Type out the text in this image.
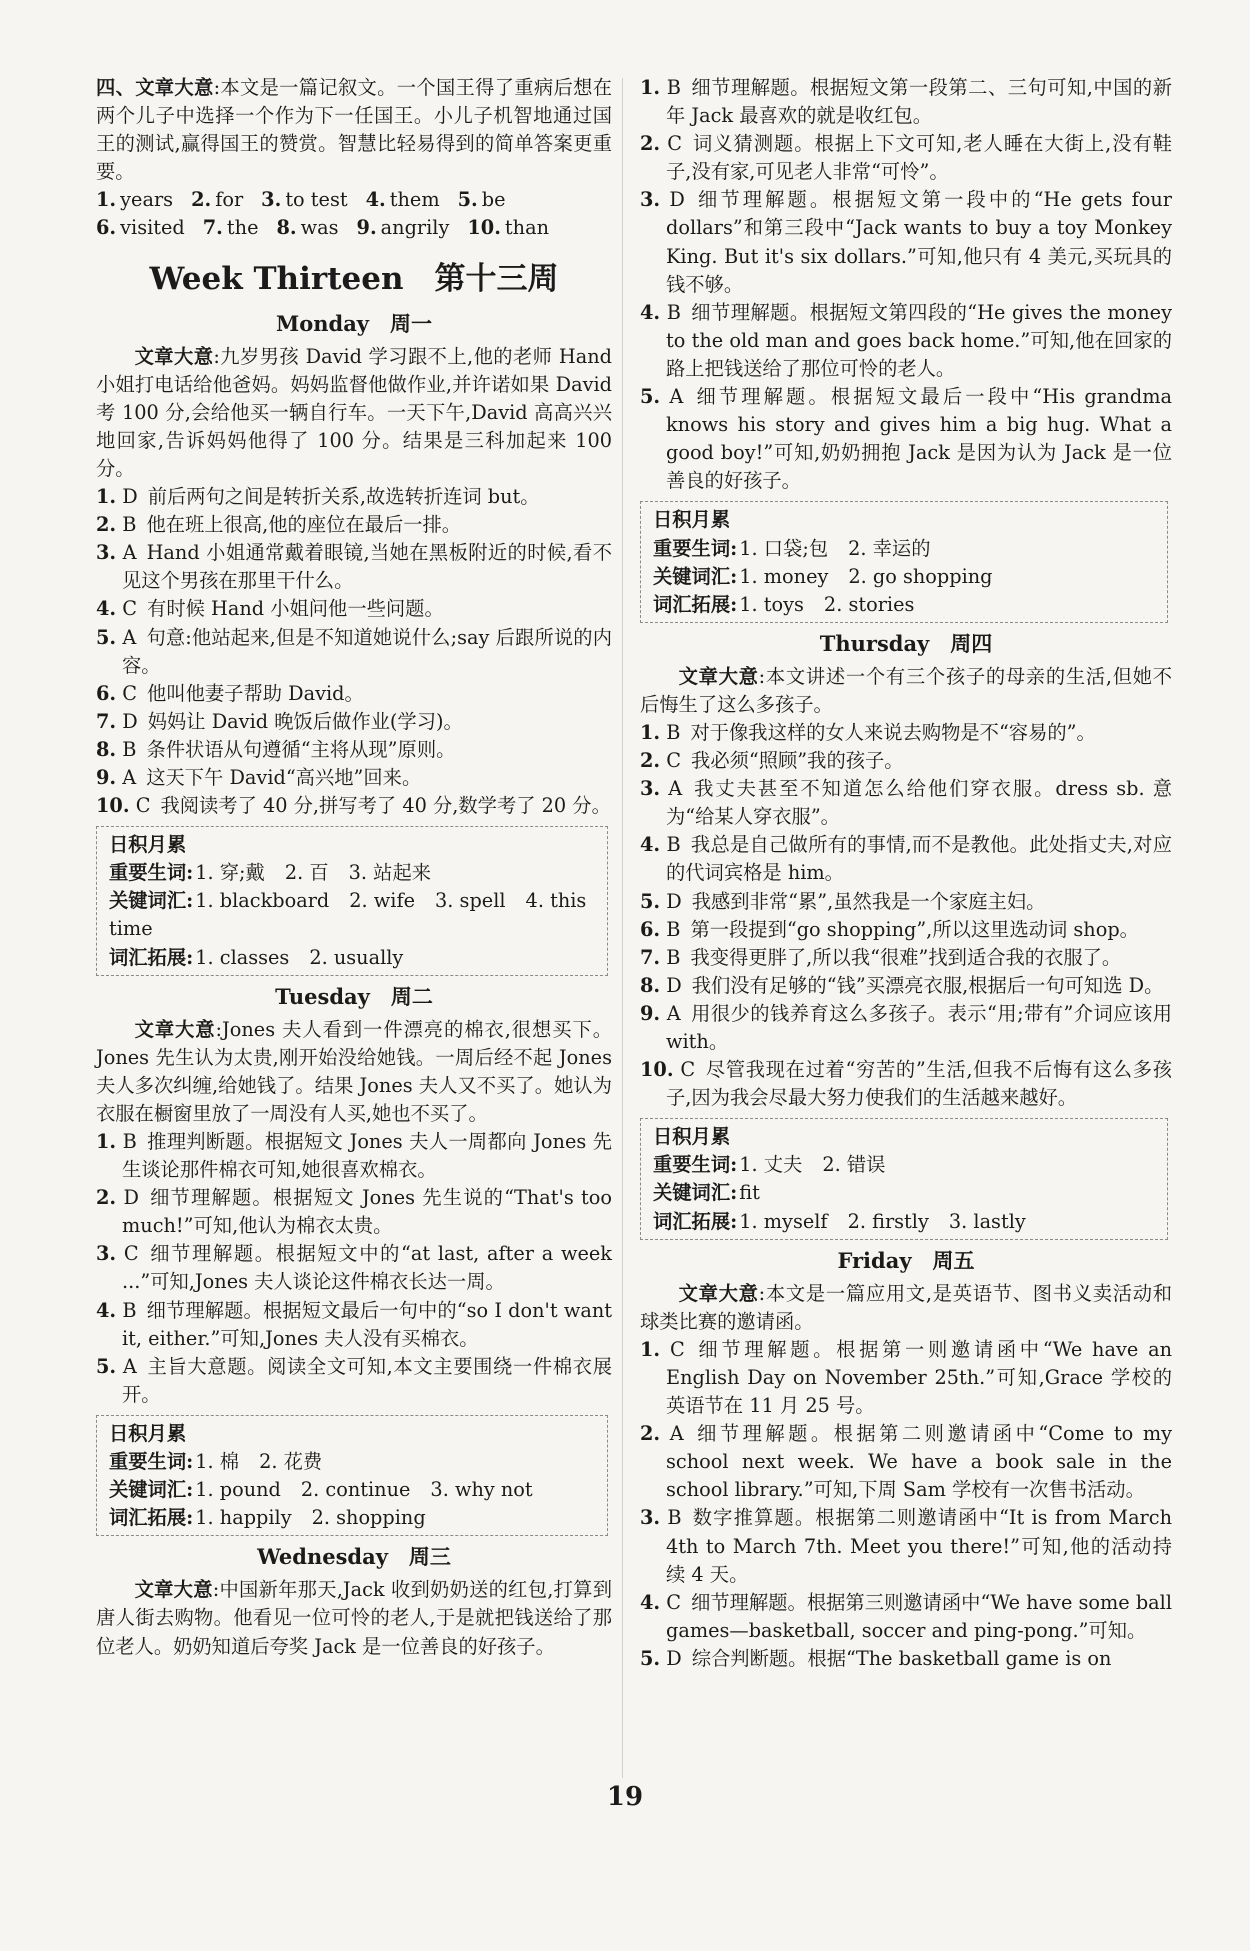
四、文章大意:本文是一篇记叙文。一个国王得了重病后想在两个儿子中选择一个作为下一任国王。小儿子机智地通过国王的测试,赢得国王的赞赏。智慧比轻易得到的简单答案更重要。

1. years 2. for 3. to test 4. them 5. be
6. visited 7. the 8. was 9. angrily 10. than
Week Thirteen　第十三周
Monday　周一

文章大意:九岁男孩 David 学习跟不上,他的老师 Hand 小姐打电话给他爸妈。妈妈监督他做作业,并许诺如果 David 考 100 分,会给他买一辆自行车。一天下午,David 高高兴兴地回家,告诉妈妈他得了 100 分。结果是三科加起来 100 分。

1. D 前后两句之间是转折关系,故选转折连词 but。

2. B 他在班上很高,他的座位在最后一排。

3. A Hand 小姐通常戴着眼镜,当她在黑板附近的时候,看不见这个男孩在那里干什么。

4. C 有时候 Hand 小姐问他一些问题。

5. A 句意:他站起来,但是不知道她说什么;say 后跟所说的内容。

6. C 他叫他妻子帮助 David。

7. D 妈妈让 David 晚饭后做作业(学习)。

8. B 条件状语从句遵循“主将从现”原则。

9. A 这天下午 David“高兴地”回来。

10. C 我阅读考了 40 分,拼写考了 40 分,数学考了 20 分。

日积月累
重要生词: 1. 穿;戴 2. 百 3. 站起来
关键词汇: 1. blackboard 2. wife 3. spell 4. this time
词汇拓展: 1. classes 2. usually
Tuesday　周二

文章大意:Jones 夫人看到一件漂亮的棉衣,很想买下。Jones 先生认为太贵,刚开始没给她钱。一周后经不起 Jones 夫人多次纠缠,给她钱了。结果 Jones 夫人又不买了。她认为衣服在橱窗里放了一周没有人买,她也不买了。

1. B 推理判断题。根据短文 Jones 夫人一周都向 Jones 先生谈论那件棉衣可知,她很喜欢棉衣。

2. D 细节理解题。根据短文 Jones 先生说的“That's too much!”可知,他认为棉衣太贵。

3. C 细节理解题。根据短文中的“at last, after a week ...”可知,Jones 夫人谈论这件棉衣长达一周。

4. B 细节理解题。根据短文最后一句中的“so I don't want it, either.”可知,Jones 夫人没有买棉衣。

5. A 主旨大意题。阅读全文可知,本文主要围绕一件棉衣展开。

日积月累
重要生词: 1. 棉 2. 花费
关键词汇: 1. pound 2. continue 3. why not
词汇拓展: 1. happily 2. shopping
Wednesday　周三

文章大意:中国新年那天,Jack 收到奶奶送的红包,打算到唐人街去购物。他看见一位可怜的老人,于是就把钱送给了那位老人。奶奶知道后夸奖 Jack 是一位善良的好孩子。

1. B 细节理解题。根据短文第一段第二、三句可知,中国的新年 Jack 最喜欢的就是收红包。

2. C 词义猜测题。根据上下文可知,老人睡在大街上,没有鞋子,没有家,可见老人非常“可怜”。

3. D 细节理解题。根据短文第一段中的“He gets four dollars”和第三段中“Jack wants to buy a toy Monkey King. But it's six dollars.”可知,他只有 4 美元,买玩具的钱不够。

4. B 细节理解题。根据短文第四段的“He gives the money to the old man and goes back home.”可知,他在回家的路上把钱送给了那位可怜的老人。

5. A 细节理解题。根据短文最后一段中“His grandma knows his story and gives him a big hug. What a good boy!”可知,奶奶拥抱 Jack 是因为认为 Jack 是一位善良的好孩子。

日积月累
重要生词: 1. 口袋;包 2. 幸运的
关键词汇: 1. money 2. go shopping
词汇拓展: 1. toys 2. stories
Thursday　周四

文章大意:本文讲述一个有三个孩子的母亲的生活,但她不后悔生了这么多孩子。

1. B 对于像我这样的女人来说去购物是不“容易的”。

2. C 我必须“照顾”我的孩子。

3. A 我丈夫甚至不知道怎么给他们穿衣服。dress sb. 意为“给某人穿衣服”。

4. B 我总是自己做所有的事情,而不是教他。此处指丈夫,对应的代词宾格是 him。

5. D 我感到非常“累”,虽然我是一个家庭主妇。

6. B 第一段提到“go shopping”,所以这里选动词 shop。

7. B 我变得更胖了,所以我“很难”找到适合我的衣服了。

8. D 我们没有足够的“钱”买漂亮衣服,根据后一句可知选 D。

9. A 用很少的钱养育这么多孩子。表示“用;带有”介词应该用 with。

10. C 尽管我现在过着“穷苦的”生活,但我不后悔有这么多孩子,因为我会尽最大努力使我们的生活越来越好。

日积月累
重要生词: 1. 丈夫 2. 错误
关键词汇: fit
词汇拓展: 1. myself 2. firstly 3. lastly
Friday　周五

文章大意:本文是一篇应用文,是英语节、图书义卖活动和球类比赛的邀请函。

1. C 细节理解题。根据第一则邀请函中“We have an English Day on November 25th.”可知,Grace 学校的英语节在 11 月 25 号。

2. A 细节理解题。根据第二则邀请函中“Come to my school next week. We have a book sale in the school library.”可知,下周 Sam 学校有一次售书活动。

3. B 数字推算题。根据第二则邀请函中“It is from March 4th to March 7th. Meet you there!”可知,他的活动持续 4 天。

4. C 细节理解题。根据第三则邀请函中“We have some ball games—basketball, soccer and ping-pong.”可知。

5. D 综合判断题。根据“The basketball game is on

19
